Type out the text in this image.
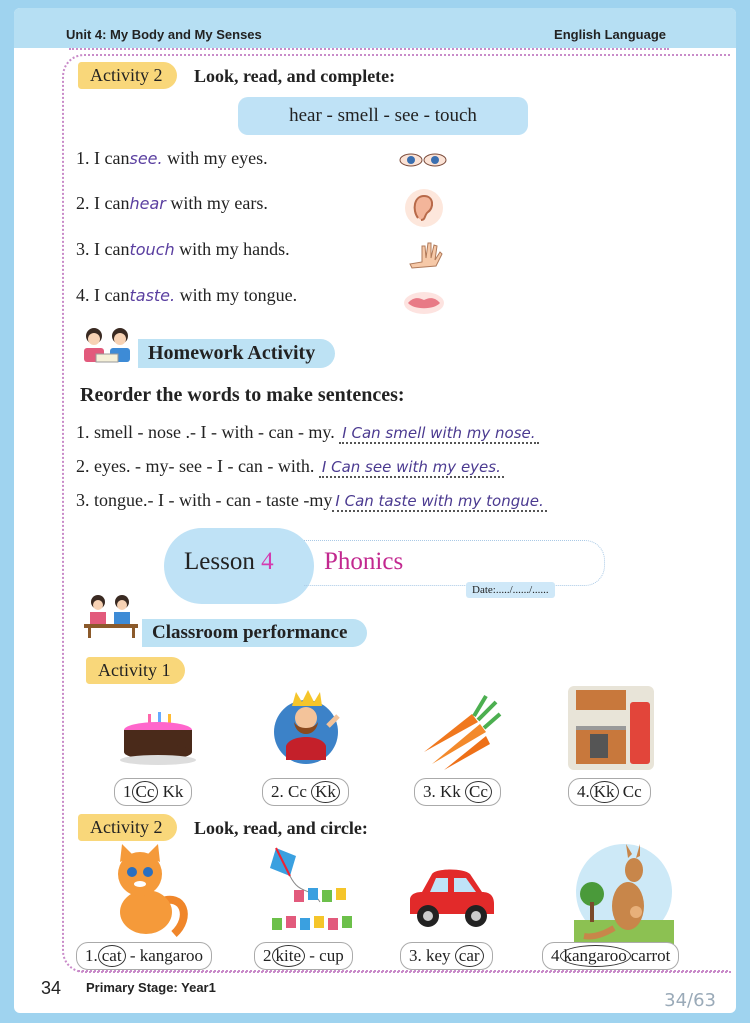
Unit 4: My Body and My Senses	English Language
Activity 2	Look, read, and complete:
hear - smell - see - touch
1. I cansee. with my eyes.
2. I canhear with my ears.
3. I cantouch with my hands.
4. I cantaste. with my tongue.
Homework Activity
Reorder the words to make sentences:
1. smell - nose .- I - with - can - my. I Can smell with my nose.
2. eyes. - my- see - I - can - with. I Can see with my eyes.
3. tongue.- I - with - can - taste -my I Can taste with my tongue.
Lesson 4 Phonics
Date:...../....../......
Classroom performance
Activity 1
1 Cc Kk	2. Cc Kk	3. Kk Cc	4. Kk Cc
Activity 2	Look, read, and circle:
1. cat - kangaroo	2 kite - cup	3. key car	4 kangaroo carrot
34	Primary Stage: Year1
34/63
